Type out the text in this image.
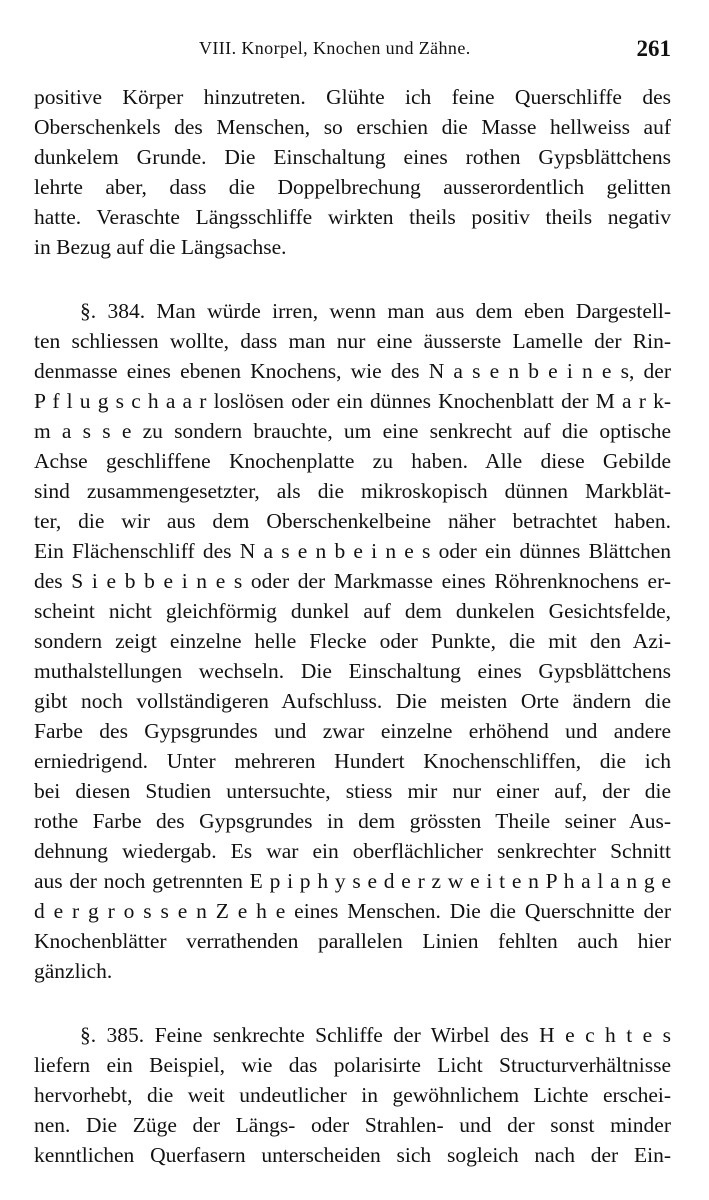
VIII. Knorpel, Knochen und Zähne.	261
positive Körper hinzutreten. Glühte ich feine Querschliffe des
Oberschenkels des Menschen, so erschien die Masse hellweiss auf
dunkelem Grunde. Die Einschaltung eines rothen Gypsblättchens
lehrte aber, dass die Doppelbrechung ausserordentlich gelitten
hatte. Veraschte Längsschliffe wirkten theils positiv theils negativ
in Bezug auf die Längsachse.
§. 384. Man würde irren, wenn man aus dem eben Dargestell-
ten schliessen wollte, dass man nur eine äusserste Lamelle der Rin-
denmasse eines ebenen Knochens, wie des N a s e n b e i n e s, der
P f l u g s c h a a r loslösen oder ein dünnes Knochenblatt der M a r k-
m a s s e zu sondern brauchte, um eine senkrecht auf die optische
Achse geschliffene Knochenplatte zu haben. Alle diese Gebilde
sind zusammengesetzter, als die mikroskopisch dünnen Markblät-
ter, die wir aus dem Oberschenkelbeine näher betrachtet haben.
Ein Flächenschliff des N a s e n b e i n e s oder ein dünnes Blättchen
des S i e b b e i n e s oder der Markmasse eines Röhrenknochens er-
scheint nicht gleichförmig dunkel auf dem dunkelen Gesichtsfelde,
sondern zeigt einzelne helle Flecke oder Punkte, die mit den Azi-
muthalstellungen wechseln. Die Einschaltung eines Gypsblättchens
gibt noch vollständigeren Aufschluss. Die meisten Orte ändern die
Farbe des Gypsgrundes und zwar einzelne erhöhend und andere
erniedrigend. Unter mehreren Hundert Knochenschliffen, die ich
bei diesen Studien untersuchte, stiess mir nur einer auf, der die
rothe Farbe des Gypsgrundes in dem grössten Theile seiner Aus-
dehnung wiedergab. Es war ein oberflächlicher senkrechter Schnitt
aus der noch getrennten E p i p h y s e d e r z w e i t e n P h a l a n g e
d e r g r o s s e n Z e h e eines Menschen. Die die Querschnitte der
Knochenblätter verrathenden parallelen Linien fehlten auch hier
gänzlich.
§. 385. Feine senkrechte Schliffe der Wirbel des H e c h t e s
liefern ein Beispiel, wie das polarisirte Licht Structurverhältnisse
hervorhebt, die weit undeutlicher in gewöhnlichem Lichte erschei-
nen. Die Züge der Längs- oder Strahlen- und der sonst minder
kenntlichen Querfasern unterscheiden sich sogleich nach der Ein-
